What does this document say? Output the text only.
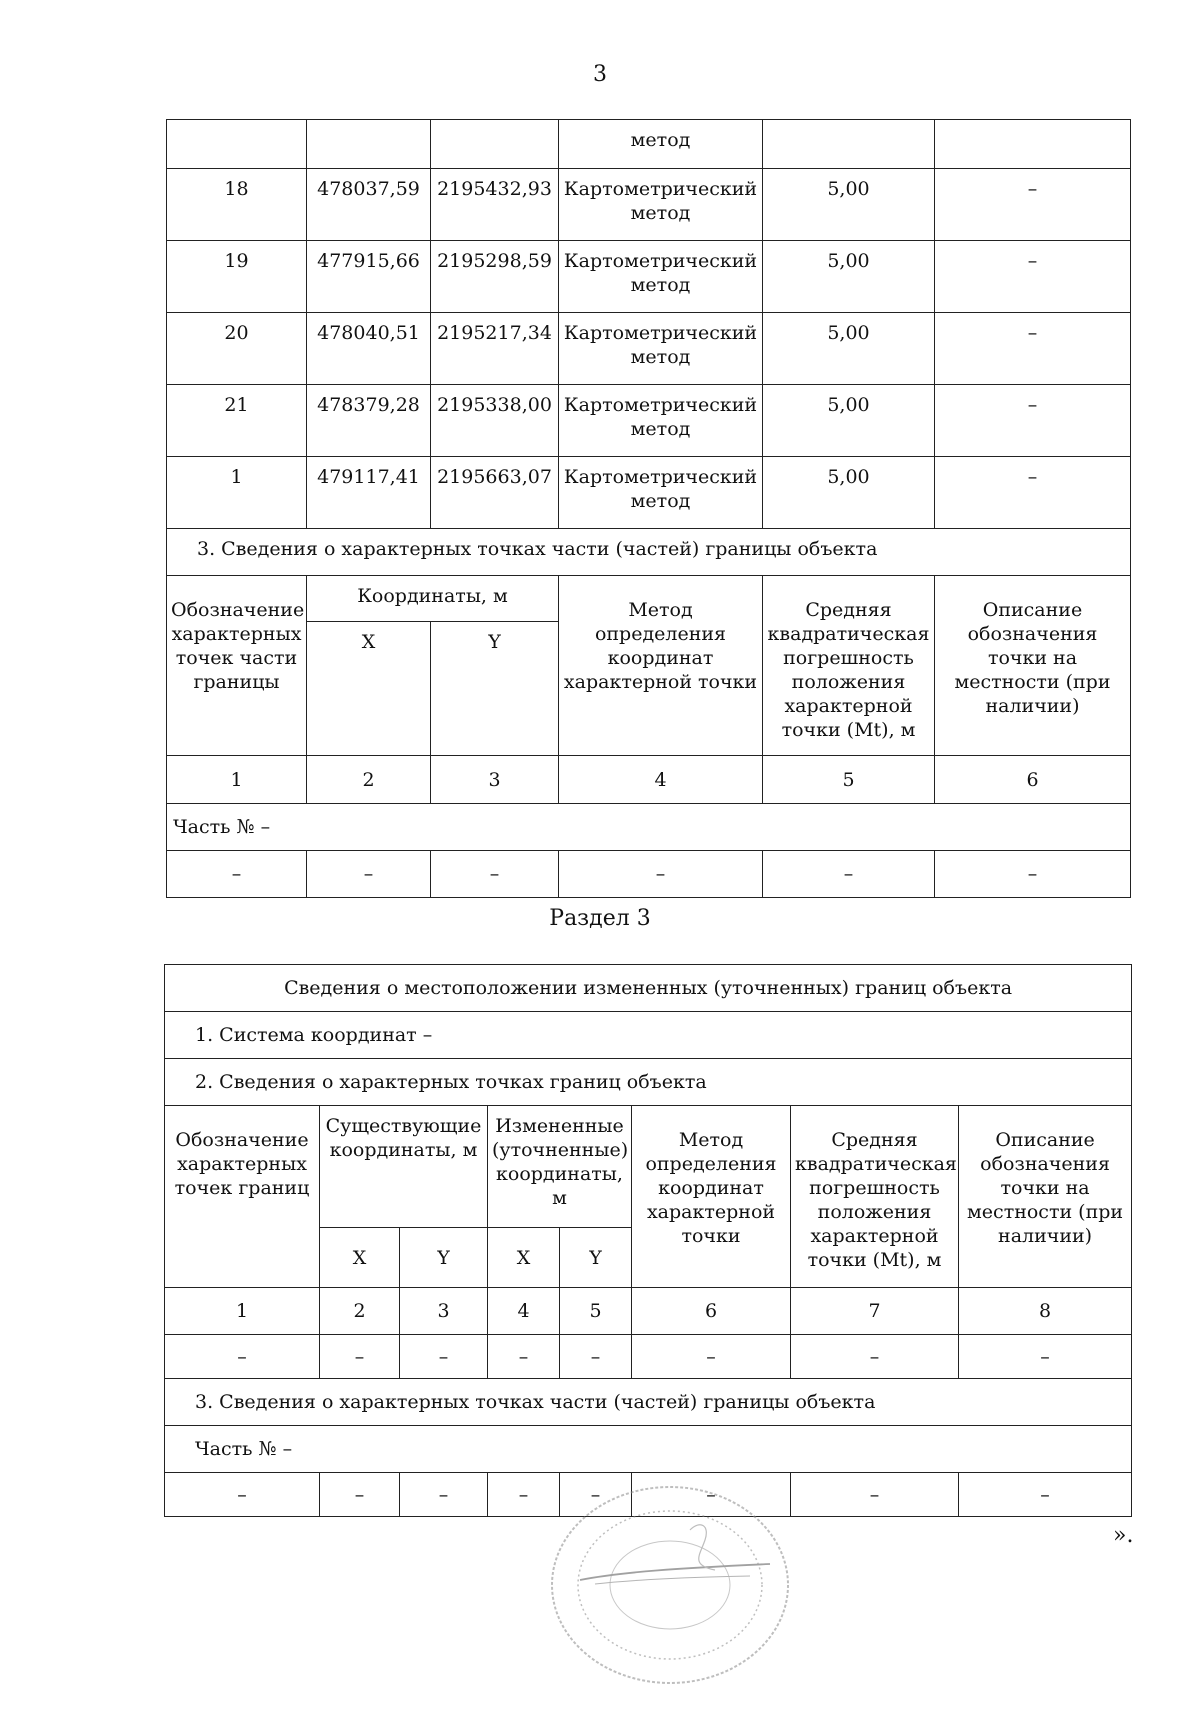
3
			метод		
18	478037,59	2195432,93	Картометрический метод	5,00	–
19	477915,66	2195298,59	Картометрический метод	5,00	–
20	478040,51	2195217,34	Картометрический метод	5,00	–
21	478379,28	2195338,00	Картометрический метод	5,00	–
1	479117,41	2195663,07	Картометрический метод	5,00	–
3. Сведения о характерных точках части (частей) границы объекта					
Обозначение характерных точек части границы	Координаты, м		Метод определения координат характерной точки	Средняя квадратическая погрешность положения характерной точки (Mt), м	Описание обозначения точки на местности (при наличии)
	X	Y			
1	2	3	4	5	6
Часть № –					
–	–	–	–	–	–
Раздел 3
Сведения о местоположении измененных (уточненных) границ объекта							
1. Система координат –							
2. Сведения о характерных точках границ объекта							
Обозначение характерных точек границ	Существующие координаты, м		Измененные (уточненные) координаты, м		Метод определения координат характерной точки	Средняя квадратическая погрешность положения характерной точки (Mt), м	Описание обозначения точки на местности (при наличии)
	X	Y	X	Y			
1	2	3	4	5	6	7	8
–	–	–	–	–	–	–	–
3. Сведения о характерных точках части (частей) границы объекта							
Часть № –							
–	–	–	–	–	–	–	–
».
